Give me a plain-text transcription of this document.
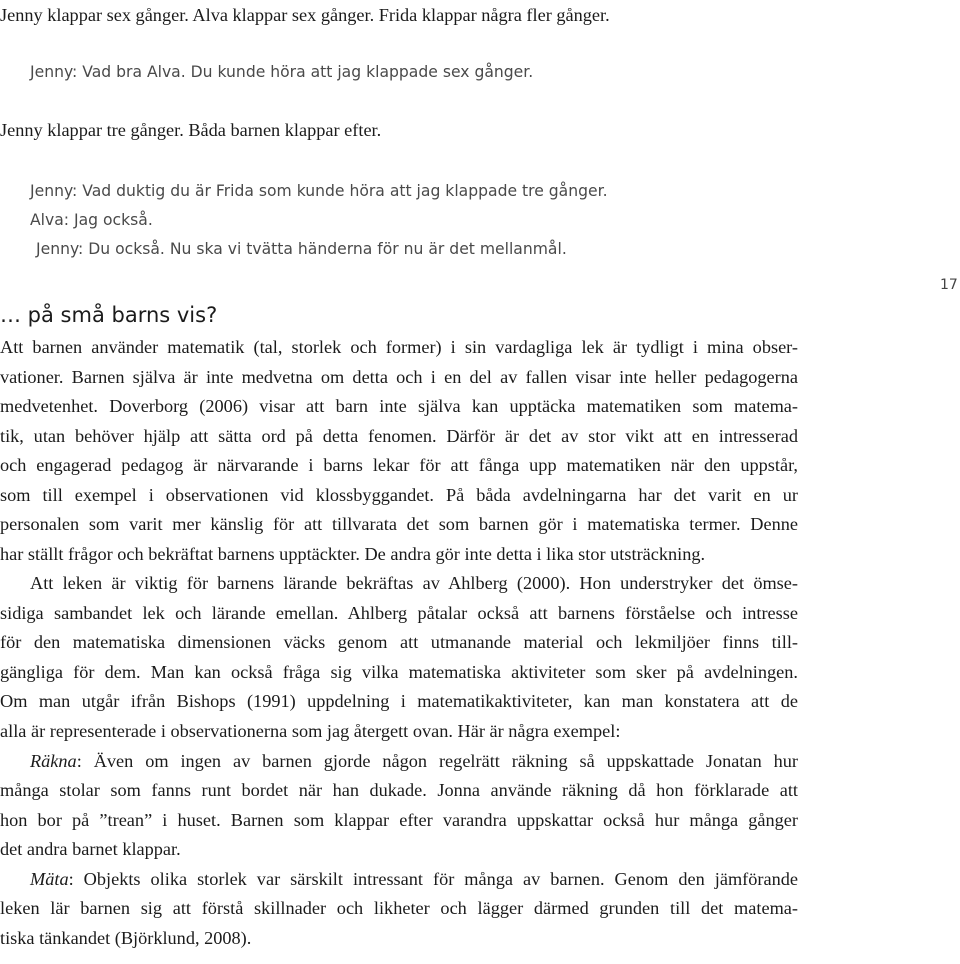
Jenny klappar sex gånger. Alva klappar sex gånger. Frida klappar några fler gånger.
Jenny: Vad bra Alva. Du kunde höra att jag klappade sex gånger.
Jenny klappar tre gånger. Båda barnen klappar efter.
Jenny: Vad duktig du är Frida som kunde höra att jag klappade tre gånger.
Alva: Jag också.
Jenny: Du också. Nu ska vi tvätta händerna för nu är det mellanmål.
17
… på små barns vis?
Att barnen använder matematik (tal, storlek och former) i sin vardagliga lek är tydligt i mina obser-
vationer. Barnen själva är inte medvetna om detta och i en del av fallen visar inte heller pedagogerna
medvetenhet. Doverborg (2006) visar att barn inte själva kan upptäcka matematiken som matema-
tik, utan behöver hjälp att sätta ord på detta fenomen. Därför är det av stor vikt att en intresserad
och engagerad pedagog är närvarande i barns lekar för att fånga upp matematiken när den uppstår,
som till exempel i observationen vid klossbyggandet. På båda avdelningarna har det varit en ur
personalen som varit mer känslig för att tillvarata det som barnen gör i matematiska termer. Denne
har ställt frågor och bekräftat barnens upptäckter. De andra gör inte detta i lika stor utsträckning.
Att leken är viktig för barnens lärande bekräftas av Ahlberg (2000). Hon understryker det ömse-
sidiga sambandet lek och lärande emellan. Ahlberg påtalar också att barnens förståelse och intresse
för den matematiska dimensionen väcks genom att utmanande material och lekmiljöer finns till-
gängliga för dem. Man kan också fråga sig vilka matematiska aktiviteter som sker på avdelningen.
Om man utgår ifrån Bishops (1991) uppdelning i matematikaktiviteter, kan man konstatera att de
alla är representerade i observationerna som jag återgett ovan. Här är några exempel:
Räkna: Även om ingen av barnen gjorde någon regelrätt räkning så uppskattade Jonatan hur
många stolar som fanns runt bordet när han dukade. Jonna använde räkning då hon förklarade att
hon bor på ”trean” i huset. Barnen som klappar efter varandra uppskattar också hur många gånger
det andra barnet klappar.
Mäta: Objekts olika storlek var särskilt intressant för många av barnen. Genom den jämförande
leken lär barnen sig att förstå skillnader och likheter och lägger därmed grunden till det matema-
tiska tänkandet (Björklund, 2008).
